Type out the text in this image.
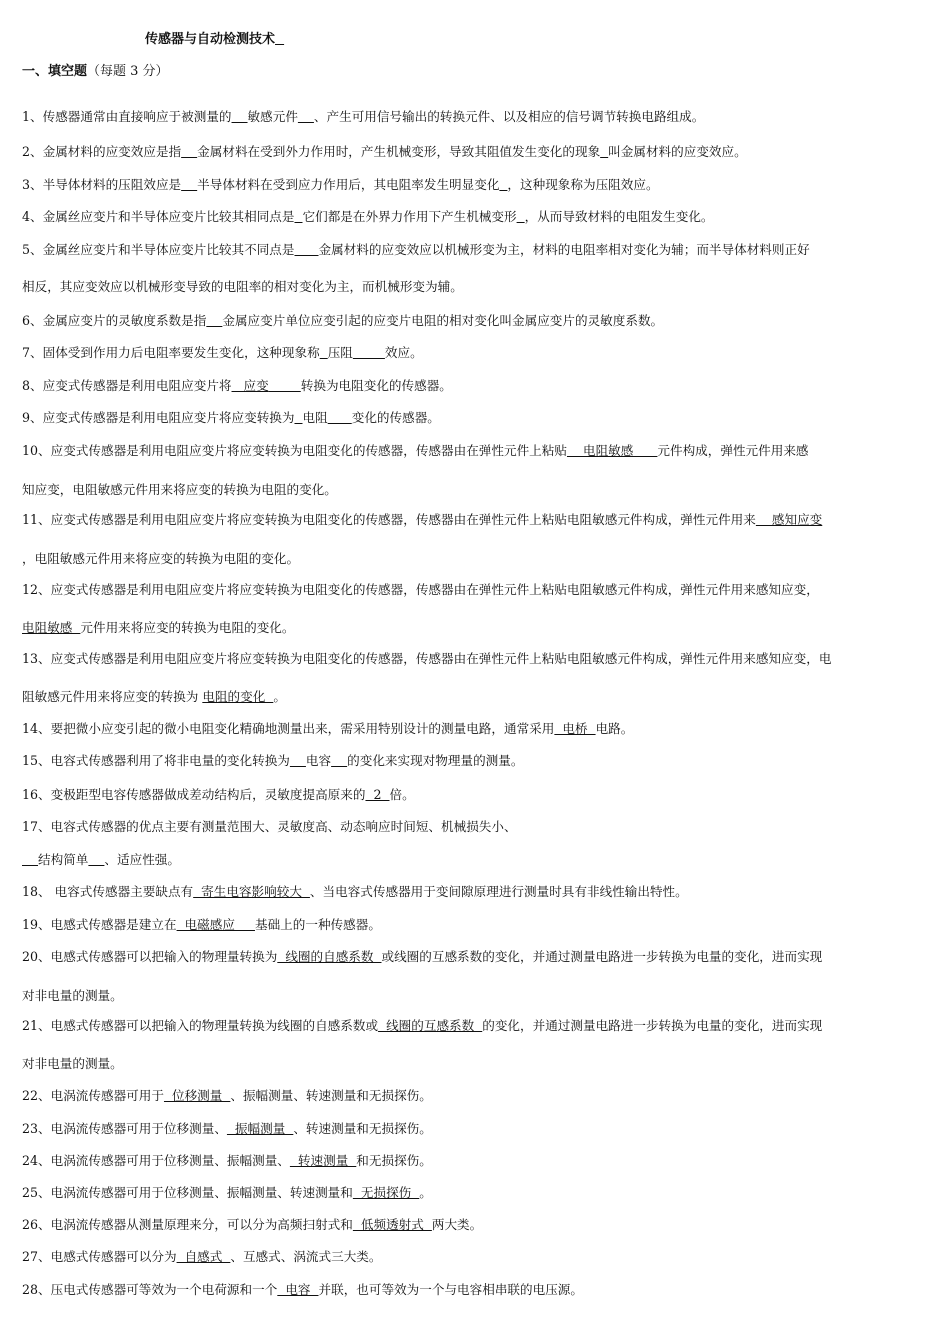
传感器与自动检测技术
一、填空题（每题 3 分）
1、传感器通常由直接响应于被测量的 敏感元件 、产生可用信号输出的转换元件、以及相应的信号调节转换电路组成。
2、金属材料的应变效应是指 金属材料在受到外力作用时，产生机械变形，导致其阻值发生变化的现象 叫金属材料的应变效应。
3、半导体材料的压阻效应是 半导体材料在受到应力作用后，其电阻率发生明显变化 ，这种现象称为压阻效应。
4、金属丝应变片和半导体应变片比较其相同点是 它们都是在外界力作用下产生机械变形 ，从而导致材料的电阻发生变化。
5、金属丝应变片和半导体应变片比较其不同点是 金属材料的应变效应以机械形变为主，材料的电阻率相对变化为辅；而半导体材料则正好
相反，其应变效应以机械形变导致的电阻率的相对变化为主，而机械形变为辅。
6、金属应变片的灵敏度系数是指 金属应变片单位应变引起的应变片电阻的相对变化叫金属应变片的灵敏度系数。
7、固体受到作用力后电阻率要发生变化，这种现象称 压阻	效应。
8、应变式传感器是利用电阻应变片将   应变	转换为电阻变化的传感器。
9、应变式传感器是利用电阻应变片将应变转换为 电阻 变化的传感器。
10、应变式传感器是利用电阻应变片将应变转换为电阻变化的传感器，传感器由在弹性元件上粘贴    电阻敏感      元件构成，弹性元件用来感
知应变，电阻敏感元件用来将应变的转换为电阻的变化。
11、应变式传感器是利用电阻应变片将应变转换为电阻变化的传感器，传感器由在弹性元件上粘贴电阻敏感元件构成，弹性元件用来    感知应变
，电阻敏感元件用来将应变的转换为电阻的变化。
12、应变式传感器是利用电阻应变片将应变转换为电阻变化的传感器，传感器由在弹性元件上粘贴电阻敏感元件构成，弹性元件用来感知应变，
电阻敏感  元件用来将应变的转换为电阻的变化。
13、应变式传感器是利用电阻应变片将应变转换为电阻变化的传感器，传感器由在弹性元件上粘贴电阻敏感元件构成，弹性元件用来感知应变，电
阻敏感元件用来将应变的转换为 电阻的变化  。
14、要把微小应变引起的微小电阻变化精确地测量出来，需采用特别设计的测量电路，通常采用  电桥  电路。
15、电容式传感器利用了将非电量的变化转换为 电容 的变化来实现对物理量的测量。
16、变极距型电容传感器做成差动结构后，灵敏度提高原来的  2  倍。
17、电容式传感器的优点主要有测量范围大、灵敏度高、动态响应时间短、机械损失小、
结构简单 、适应性强。
18、 电容式传感器主要缺点有  寄生电容影响较大  、当电容式传感器用于变间隙原理进行测量时具有非线性输出特性。
19、电感式传感器是建立在  电磁感应     基础上的一种传感器。
20、电感式传感器可以把输入的物理量转换为  线圈的自感系数  或线圈的互感系数的变化，并通过测量电路进一步转换为电量的变化，进而实现
对非电量的测量。
21、电感式传感器可以把输入的物理量转换为线圈的自感系数或  线圈的互感系数  的变化，并通过测量电路进一步转换为电量的变化，进而实现
对非电量的测量。
22、电涡流传感器可用于  位移测量  、振幅测量、转速测量和无损探伤。
23、电涡流传感器可用于位移测量、  振幅测量  、转速测量和无损探伤。
24、电涡流传感器可用于位移测量、振幅测量、  转速测量  和无损探伤。
25、电涡流传感器可用于位移测量、振幅测量、转速测量和  无损探伤  。
26、电涡流传感器从测量原理来分，可以分为高频扫射式和  低频透射式  两大类。
27、电感式传感器可以分为  自感式  、互感式、涡流式三大类。
28、压电式传感器可等效为一个电荷源和一个  电容  并联，也可等效为一个与电容相串联的电压源。
